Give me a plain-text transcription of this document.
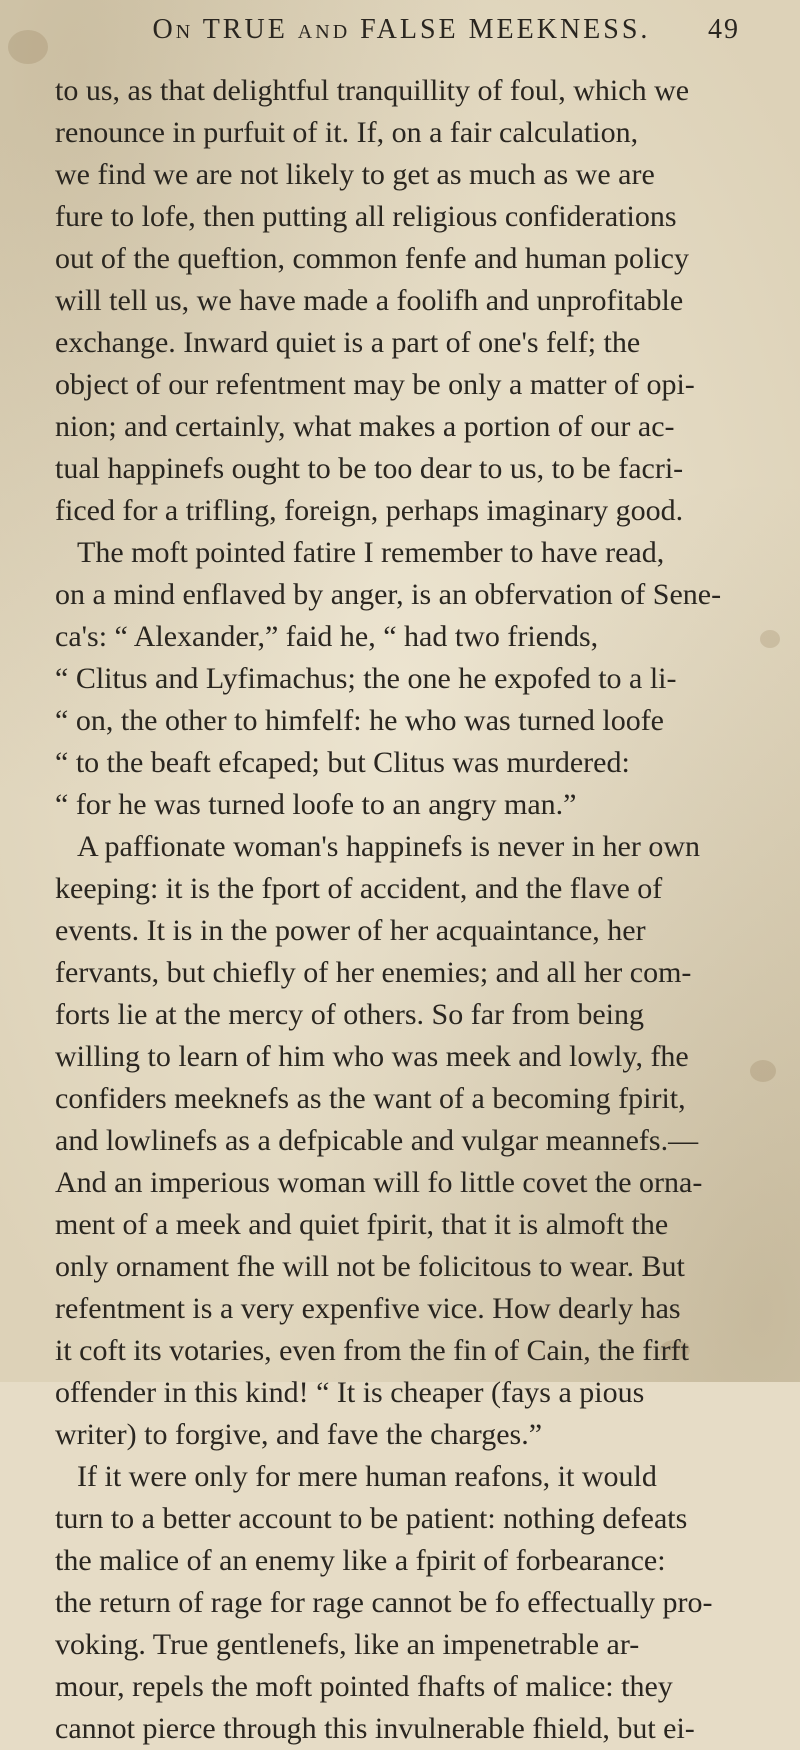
On TRUE and FALSE MEEKNESS. 49
to us, as that delightful tranquillity of foul, which we
renounce in purfuit of it. If, on a fair calculation,
we find we are not likely to get as much as we are
fure to lofe, then putting all religious confiderations
out of the queftion, common fenfe and human policy
will tell us, we have made a foolifh and unprofitable
exchange. Inward quiet is a part of one's felf; the
object of our refentment may be only a matter of opi-
nion; and certainly, what makes a portion of our ac-
tual happinefs ought to be too dear to us, to be facri-
ficed for a trifling, foreign, perhaps imaginary good.
The moft pointed fatire I remember to have read,
on a mind enflaved by anger, is an obfervation of Sene-
ca's: “ Alexander,” faid he, “ had two friends,
“ Clitus and Lyfimachus; the one he expofed to a li-
“ on, the other to himfelf: he who was turned loofe
“ to the beaft efcaped; but Clitus was murdered:
“ for he was turned loofe to an angry man.”
A paffionate woman's happinefs is never in her own
keeping: it is the fport of accident, and the flave of
events. It is in the power of her acquaintance, her
fervants, but chiefly of her enemies; and all her com-
forts lie at the mercy of others. So far from being
willing to learn of him who was meek and lowly, fhe
confiders meeknefs as the want of a becoming fpirit,
and lowlinefs as a defpicable and vulgar meannefs.—
And an imperious woman will fo little covet the orna-
ment of a meek and quiet fpirit, that it is almoft the
only ornament fhe will not be folicitous to wear. But
refentment is a very expenfive vice. How dearly has
it coft its votaries, even from the fin of Cain, the firft
offender in this kind! “ It is cheaper (fays a pious
writer) to forgive, and fave the charges.”
If it were only for mere human reafons, it would
turn to a better account to be patient: nothing defeats
the malice of an enemy like a fpirit of forbearance:
the return of rage for rage cannot be fo effectually pro-
voking. True gentlenefs, like an impenetrable ar-
mour, repels the moft pointed fhafts of malice: they
cannot pierce through this invulnerable fhield, but ei-
